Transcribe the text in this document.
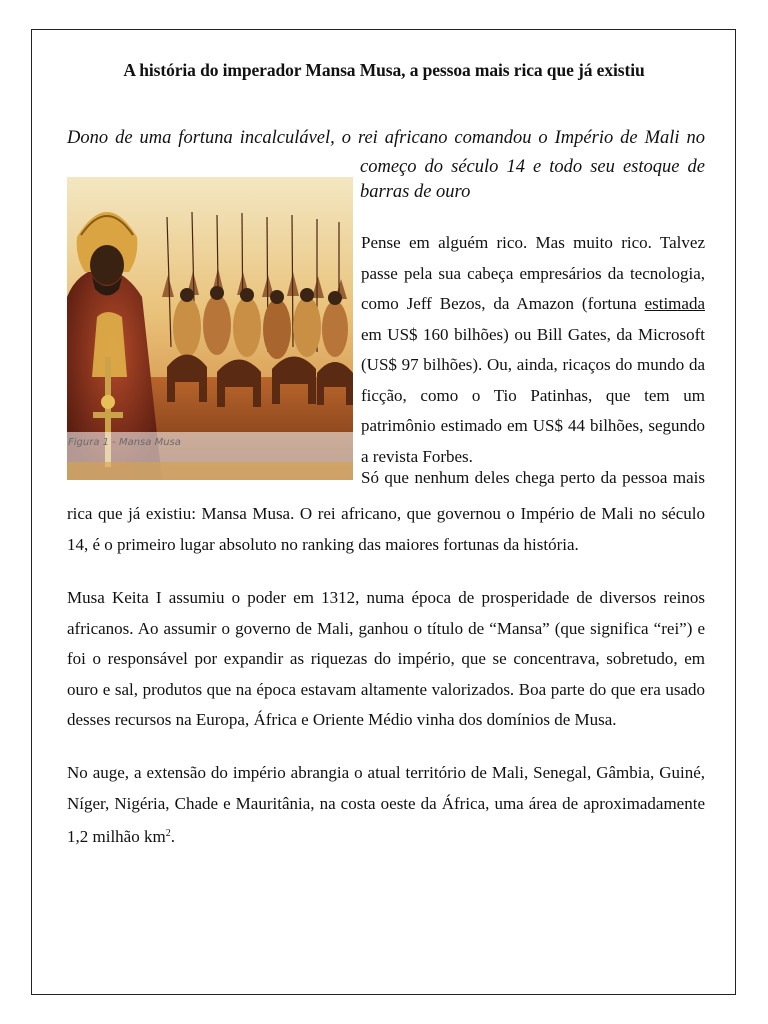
A história do imperador Mansa Musa, a pessoa mais rica que já existiu
Dono de uma fortuna incalculável, o rei africano comandou o Império de Mali no
começo do século 14 e todo seu estoque de barras de ouro
Figura 1 - Mansa Musa
Pense em alguém rico. Mas muito rico. Talvez passe pela sua cabeça empresários da tecnologia, como Jeff Bezos, da Amazon (fortuna estimada em US$ 160 bilhões) ou Bill Gates, da Microsoft (US$ 97 bilhões). Ou, ainda, ricaços do mundo da ficção, como o Tio Patinhas, que tem um patrimônio estimado em US$ 44 bilhões, segundo a revista Forbes.
Só que nenhum deles chega perto da pessoa mais
rica que já existiu: Mansa Musa. O rei africano, que governou o Império de Mali no século 14, é o primeiro lugar absoluto no ranking das maiores fortunas da história.
Musa Keita I assumiu o poder em 1312, numa época de prosperidade de diversos reinos africanos. Ao assumir o governo de Mali, ganhou o título de “Mansa” (que significa “rei”) e foi o responsável por expandir as riquezas do império, que se concentrava, sobretudo, em ouro e sal, produtos que na época estavam altamente valorizados. Boa parte do que era usado desses recursos na Europa, África e Oriente Médio vinha dos domínios de Musa.
No auge, a extensão do império abrangia o atual território de Mali, Senegal, Gâmbia, Guiné, Níger, Nigéria, Chade e Mauritânia, na costa oeste da África, uma área de aproximadamente 1,2 milhão $km^2$.
